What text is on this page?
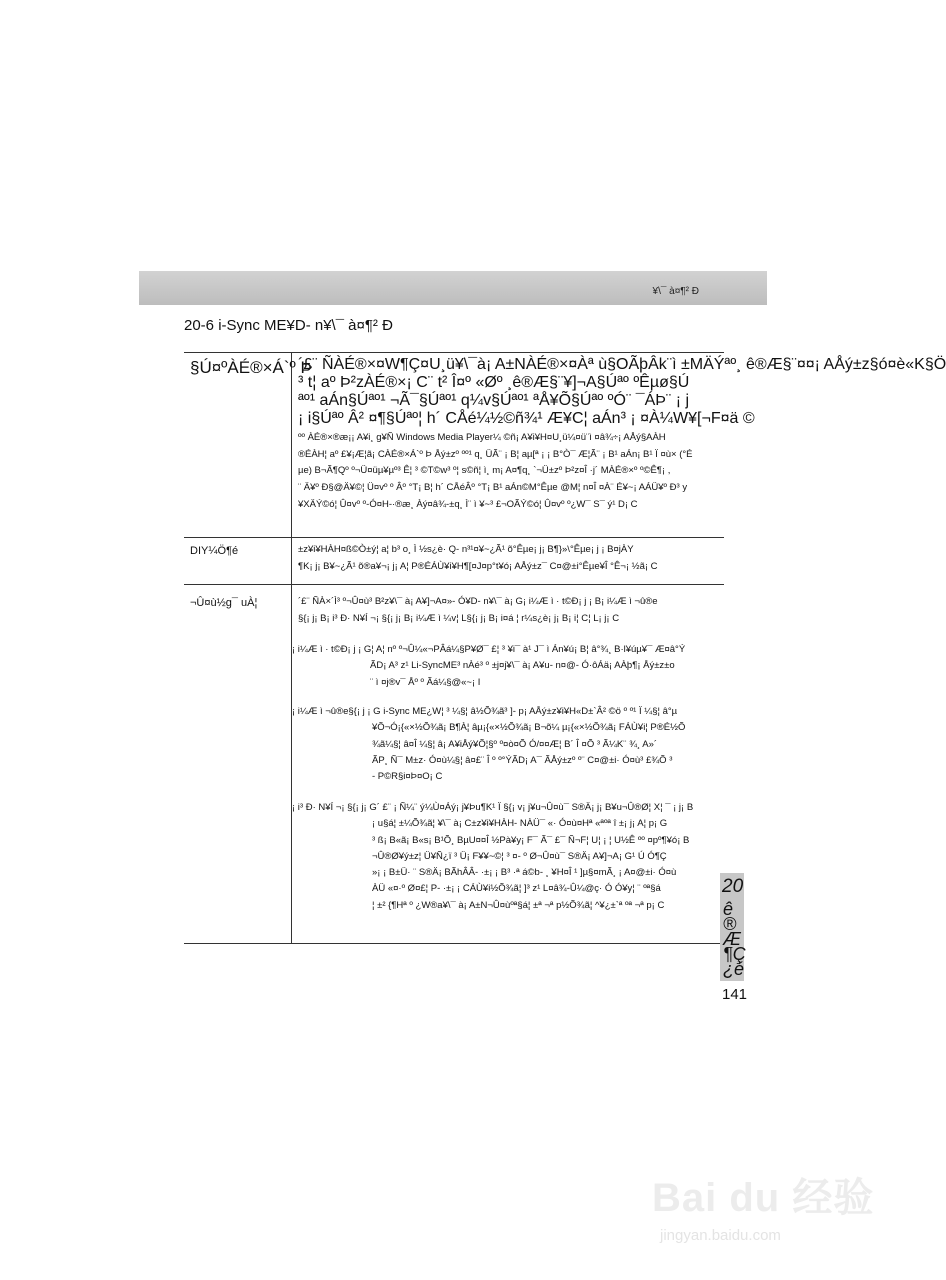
¥\¯ à¤¶² Ð
20-6 i-Sync ME¥D- n¥\¯ à¤¶² Ð
§Ú¤ºÀÉ®×Á`º Þ
´£¨ ÑÀÉ®×¤W¶Ç¤U¸ü¥\¯à¡ A±NÀÉ®×¤Àª ù§OÃþÂk¨ì ±MÄÝªº¸ ê®Æ§¨¤¤¡ AÅý±z§ó¤è«K§Ö
³ t¦ aº Þ²zÀÉ®×¡ C¨ t² Î¤º «Øº ¸ê®Æ§¨¥]¬A§Úªº ºÊµø§Ú
ªº¹ aÁn§Úªº¹ ¬Ã¯§Úªº¹ q¼v§Úªº¹ ªÅ¥Õ§Úªº ºÓ¨ ¯ÁÞ¨ ¡ j
¡ i§Úªº Â² ¤¶§Úªº¦ h´ CÅé¼½©ñ¾¹ Æ¥C¦ aÁn³ ¡ ¤À¼W¥[¬F¤ä ©
ºº ÀÉ®×®æ¡¡ A¥i¸ g¥Ñ Windows Media Player¼ ©ñ¡ A¥i¥H¤U¸ü¼¤ü¨ì ¤â¾÷¡ AÅý§AÀH
®ÉÀH¦ aº £¥¡Æ¦ã¡ CÀÉ®×Á`º Þ Åý±zº ºº¹ q¸ ÜÃ¨ ¡ B¦ aµ[ª ¡ ¡ B°Ò¯ Æ¦Ã¨ ¡ B¹ aÁn¡ B¹ Ï ¤ù× (°É
µe) B¬Ã¶Qº º¬Ü¤üµ¥µº³ Ê¦ ³ ©T©w³ º¦ s©ñ¦ ì¸ m¡ A¤¶q¸ `¬Ü±zº Þ²z¤Î ·j´ MÀÉ®×º º©Ê¶¡ ,
¨ Ä¥º Ð§@Ä¥©¦ Ü¤vº º Âº °T¡ B¦ h´ CÅéÂº °T¡ B¹ aÁn©M°Êµe @M¦ n¤Î ¤À¨ É¥~¡ AÁÜ¥º Ð³ y
¥XÄÝ©ó¦ Û¤vº º-Ó¤H-·®æ¸ Àý¤â¾-±q¸ Ì¨ ì ¥~³ £¬OÃÝ©ó¦ Û¤vº º¿W¯ S¯ ý¹ D¡ C
DIY¼Ö¶é	±z¥i¥HÀH¤ß©Ò±ý¦ a¦ b³ o¸ Ì ½s¿è· Q- n³¹¤¥~¿Ã¹ õ°Êµe¡ j¡ B¶}»\°Êµe¡ j ¡ B¤jÀY
¶K¡ j¡ B¥~¿Ã¹ õ®a¥¬¡ j¡ A¦ P®ÉÁÙ¥i¥H¶[¤J¤p°t¥ó¡ AÅý±z¯ C¤@±i°Êµe¥Î °Ê¬¡ ½ã¡ C
¬Û¤ù½g¯ uÀ¦	´£¨ ÑÀ×´Ì³ º¬Û¤ù³ B²z¥\¯ à¡ A¥]¬A¤»- Ó¥D- n¥\¯ à¡ G¡ i¼Æ ì · t©Ð¡ j ¡ B¡ i¼Æ ì ¬û®e
§{¡ j¡ B¡ i³ Ð· N¥Í ¬¡ §{¡ j¡ B¡ i¼Æ ì ¼v¦ L§{¡ j¡ B¡ i¤á ¦ r¼s¿è¡ j¡ B¡ i¦ C¦ L¡ j¡ C
¡ i¼Æ ì · t©Ð¡ j ¡ G¦ A¦ nº º¬Û¼«¬PÂá¼§P¥Ø¯ £¦ ³ ¥i¯ à¹ J¯ ì Án¥ú¡ B¦ â°¾¸ B·l¥úµ¥¯ Æ¤â°Ý
ÃD¡ A³ z¹ Li-SyncME³ nÀé³ º ±j¤j¥\¯ à¡ A¥u- n¤@- Ó·ôÁä¡ AÀþ¶¡ Åý±z±o
¨ ì ¤j®v¯ Åº º Ãá¼§@«~¡ I
¡ i¼Æ ì ¬û®e§{¡ j ¡ G i-Sync ME¿W¦ ³ ¼§¦ â½Õ¾ã³ ]- p¡ AÅý±z¥i¥H«D±`Â² ©ö º º¹ Ï ¼§¦ â°µ
¥Õ¬Ó¡{«×½Õ¾ã¡ B¶À¦ âµ¡{«×½Õ¾ã¡ B¬õ¼ µ¡{«×½Õ¾ã¡ FÁÙ¥i¦ P®É½Õ
¾ã¼§¦ â¤Î ¼§¦ â¡ A¥iÅý¥Õ¦§º º¤ò¤Õ Ó/¤¤Æ¦ B´ Î ¤Õ ³ Ã¼K¨ ¾¸ A»´
ÃP¸ Ñ¯ M±z· Ó¤ù¼§¦ â¤£¨ Î º º°ÝÃD¡ A¯ ÃÅý±zº º¨ C¤@±i· Ó¤ù³ £¾Õ ³
- P©R§i¤Þ¤O¡ C
¡ i³ Ð· N¥Í ¬¡ §{¡ j¡ G´ £¨ ¡ Ñ¼¨ ý¼Ù¤Áý¡ j¥Þu¶K¹ Ï §{¡ v¡ j¥u¬Û¤ù¯ S®Ä¡ j¡ B¥u¬Û®Ø¦ X¦ ¯ ¡ j¡ B
¡ u§á¦ ±¼Õ¾ã¦ ¥\¯ à¡ C±z¥i¥HÀH- NÀÜ¯ «· Ó¤ù¤Hª «ªºª î ±¡ j¡ A¦ p¡ G
³ ß¡ B«ã¡ B«s¡ B¹Õ¸ BµU¤¤Î ½Pà¥y¡ F¯ Ã¯ £¯ Ñ¬F¦ U¦ ¡ ¦ U½Ê ºº ¤pº¶¥ó¡ B
¬Û®Ø¥ý±z¦ Ü¥Ñ¿ï ³ Ü¡ F¥¥~©¦ ³ ¤- º Ø¬Û¤ù¯ S®Ä¡ A¥]¬A¡ G¹ Ú Ó¶Ç
»¡ ¡ B±Ü· ¨ S®Ä¡ BÃhÂÂ- ·±¡ ¡ B³ ·ª á©b- ¸ ¥H¤Î ¹ ]µ§¤mÃ¸ ¡ A¤@±i· Ó¤ù
ÀÜ «¤·º Ø¤£¦ P- ·±¡ ¡ CÁÙ¥i½Õ¾ã¦ ]³ z¹ L¤â¾-Û¼@ç· Ó Ó¥y¦ ¨ ºª§á
¦ ±² {¶Hª º ¿W®a¥\¯ à¡ A±N¬Û¤ùºª§á¦ ±ª ¬ª p½Õ¾ã¦ ^¥¿±`ª ºª ¬ª p¡ C
20
ê ®Æ ¶Ç ¿é
141
Bai du 经验
jingyan.baidu.com
